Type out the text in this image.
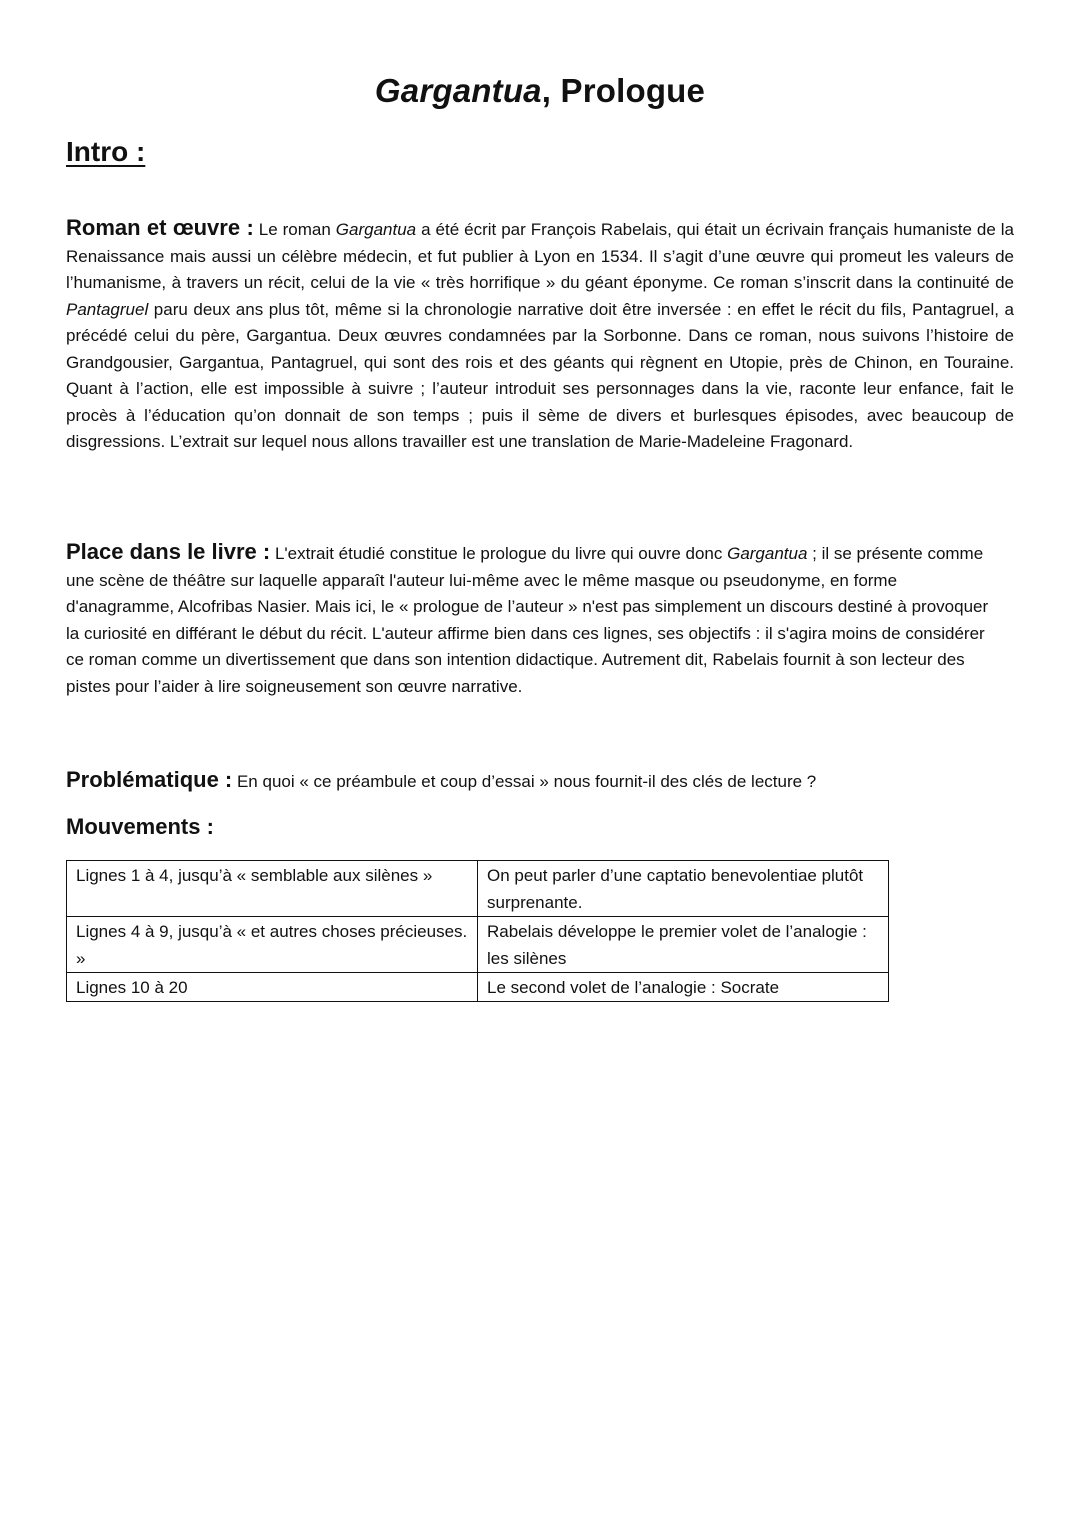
Gargantua, Prologue
Intro :

Roman et œuvre : Le roman Gargantua a été écrit par François Rabelais, qui était un écrivain français humaniste de la Renaissance mais aussi un célèbre médecin, et fut publier à Lyon en 1534. Il s’agit d’une œuvre qui promeut les valeurs de l’humanisme, à travers un récit, celui de la vie « très horrifique » du géant éponyme. Ce roman s’inscrit dans la continuité de Pantagruel paru deux ans plus tôt, même si la chronologie narrative doit être inversée : en effet le récit du fils, Pantagruel, a précédé celui du père, Gargantua. Deux œuvres condamnées par la Sorbonne. Dans ce roman, nous suivons l’histoire de Grandgousier, Gargantua, Pantagruel, qui sont des rois et des géants qui règnent en Utopie, près de Chinon, en Touraine. Quant à l’action, elle est impossible à suivre ; l’auteur introduit ses personnages dans la vie, raconte leur enfance, fait le procès à l’éducation qu’on donnait de son temps ; puis il sème de divers et burlesques épisodes, avec beaucoup de disgressions. L’extrait sur lequel nous allons travailler est une translation de Marie-Madeleine Fragonard.

Place dans le livre : L'extrait étudié constitue le prologue du livre qui ouvre donc Gargantua ; il se présente comme une scène de théâtre sur laquelle apparaît l'auteur lui-même avec le même masque ou pseudonyme, en forme d'anagramme, Alcofribas Nasier. Mais ici, le « prologue de l’auteur » n'est pas simplement un discours destiné à provoquer la curiosité en différant le début du récit. L'auteur affirme bien dans ces lignes, ses objectifs : il s'agira moins de considérer ce roman comme un divertissement que dans son intention didactique. Autrement dit, Rabelais fournit à son lecteur des pistes pour l’aider à lire soigneusement son œuvre narrative.

Problématique : En quoi « ce préambule et coup d’essai » nous fournit-il des clés de lecture ?

Mouvements :
Lignes 1 à 4, jusqu’à « semblable aux silènes »	On peut parler d’une captatio benevolentiae plutôt surprenante.
Lignes 4 à 9, jusqu’à « et autres choses précieuses. »	Rabelais développe le premier volet de l’analogie : les silènes
Lignes 10 à 20	Le second volet de l’analogie : Socrate
